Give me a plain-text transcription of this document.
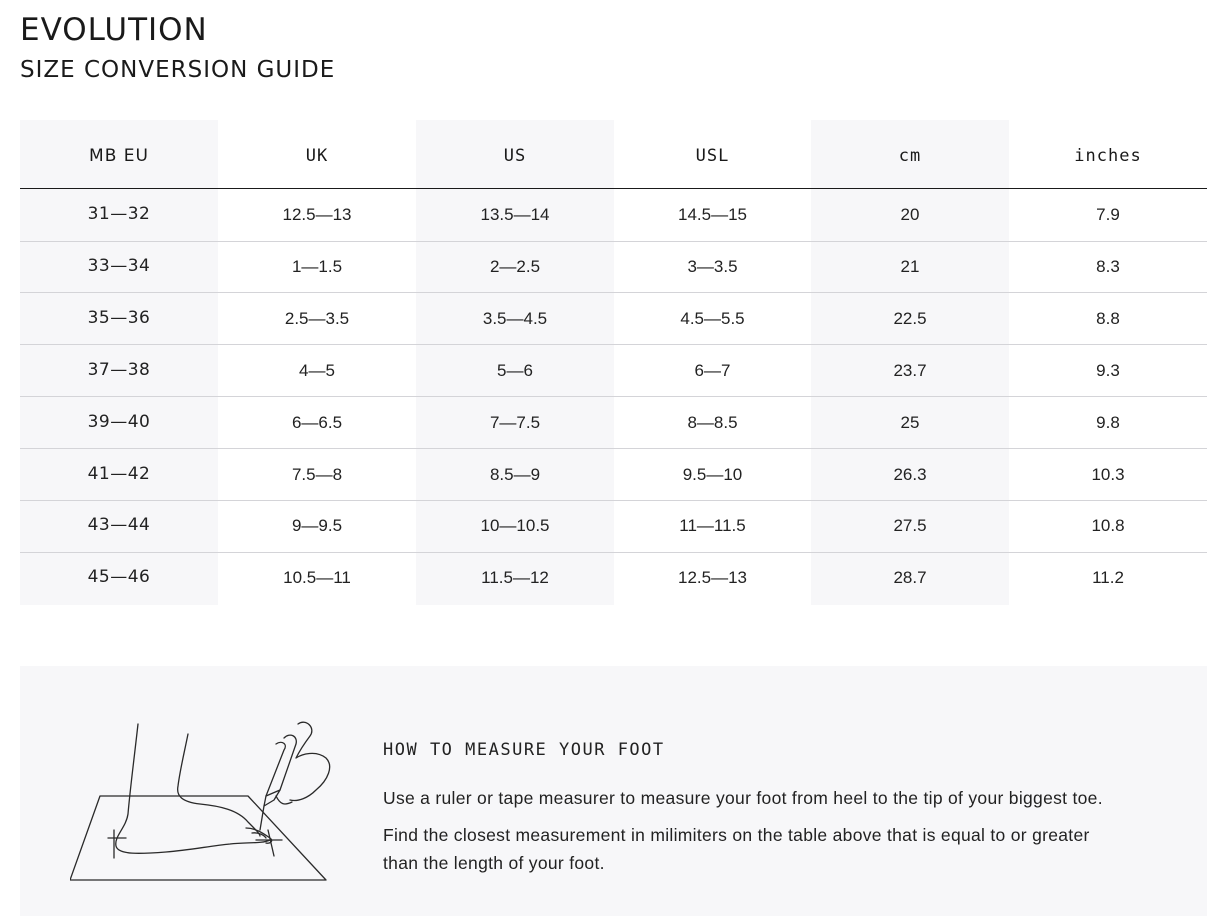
EVOLUTION
SIZE CONVERSION GUIDE
MB EU	UK	US	USL	cm	inches
31—32	12.5—13	13.5—14	14.5—15	20	7.9
33—34	1—1.5	2—2.5	3—3.5	21	8.3
35—36	2.5—3.5	3.5—4.5	4.5—5.5	22.5	8.8
37—38	4—5	5—6	6—7	23.7	9.3
39—40	6—6.5	7—7.5	8—8.5	25	9.8
41—42	7.5—8	8.5—9	9.5—10	26.3	10.3
43—44	9—9.5	10—10.5	11—11.5	27.5	10.8
45—46	10.5—11	11.5—12	12.5—13	28.7	11.2
HOW TO MEASURE YOUR FOOT
Use a ruler or tape measurer to measure your foot from heel to the tip of your biggest toe.
Find the closest measurement in milimiters on the table above that is equal to or greater
than the length of your foot.
